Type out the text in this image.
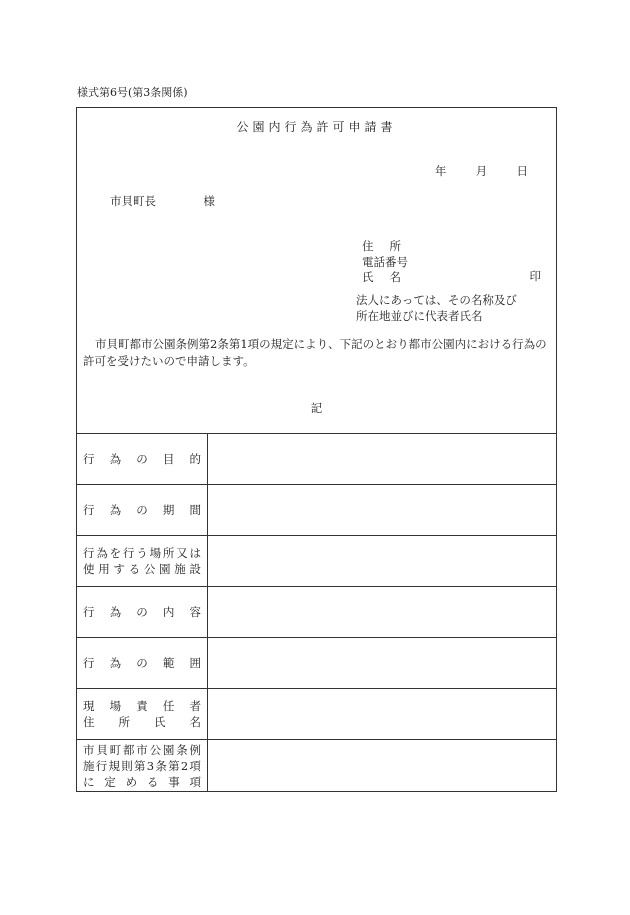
様式第6号(第3条関係)
公園内行為許可申請書
年	月	日
市貝町長	様
住 所
電話番号
氏 名	印
法人にあっては、その名称及び
所在地並びに代表者氏名
市貝町都市公園条例第2条第1項の規定により、下記のとおり都市公園内における行為の許可を受けたいので申請します。
記
行 為 の 目 的
行 為 の 期 間
行 為 を 行 う 場 所 又 は
使 用 す る 公 園 施 設
行 為 の 内 容
行 為 の 範 囲
現 場 責 任 者
住 所 氏 名
市 貝 町 都 市 公 園 条 例
施 行 規 則 第 3 条 第 2 項
に 定 め る 事 項
